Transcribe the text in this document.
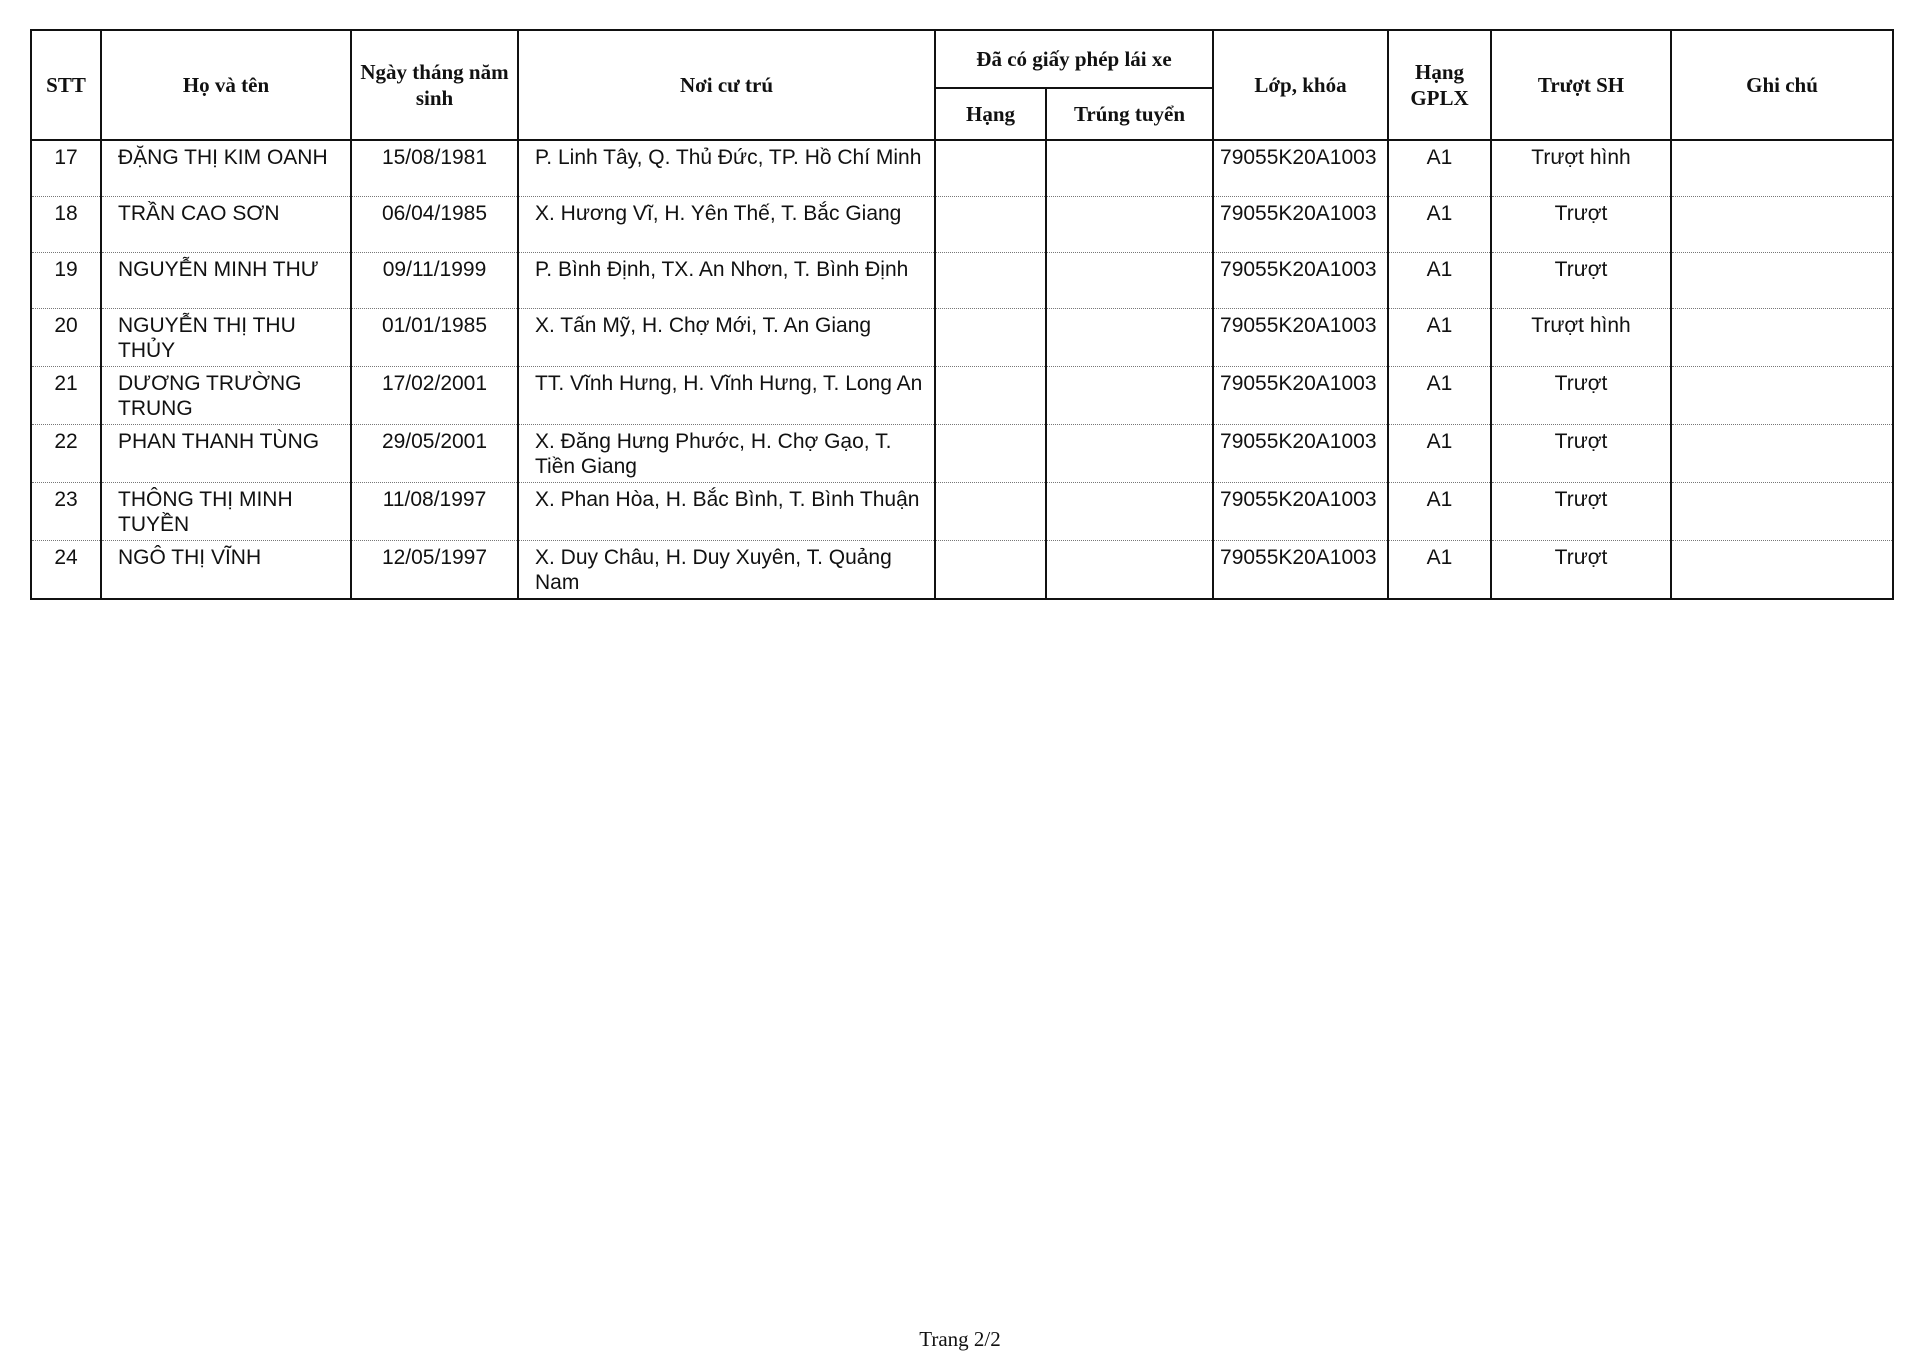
STT	Họ và tên	Ngày tháng năm sinh	Nơi cư trú	Đã có giấy phép lái xe		Lớp, khóa	Hạng GPLX	Trượt SH	Ghi chú
				Hạng	Trúng tuyển				
17	ĐẶNG THỊ KIM OANH	15/08/1981	P. Linh Tây, Q. Thủ Đức, TP. Hồ Chí Minh			79055K20A1003	A1	Trượt hình	
18	TRẦN CAO SƠN	06/04/1985	X. Hương Vĩ, H. Yên Thế, T. Bắc Giang			79055K20A1003	A1	Trượt	
19	NGUYỄN MINH THƯ	09/11/1999	P. Bình Định, TX. An Nhơn, T. Bình Định			79055K20A1003	A1	Trượt	
20	NGUYỄN THỊ THU THỦY	01/01/1985	X. Tấn Mỹ, H. Chợ Mới, T. An Giang			79055K20A1003	A1	Trượt hình	
21	DƯƠNG TRƯỜNG TRUNG	17/02/2001	TT. Vĩnh Hưng, H. Vĩnh Hưng, T. Long An			79055K20A1003	A1	Trượt	
22	PHAN THANH TÙNG	29/05/2001	X. Đăng Hưng Phước, H. Chợ Gạo, T. Tiền Giang			79055K20A1003	A1	Trượt	
23	THÔNG THỊ MINH TUYỀN	11/08/1997	X. Phan Hòa, H. Bắc Bình, T. Bình Thuận			79055K20A1003	A1	Trượt	
24	NGÔ THỊ VĨNH	12/05/1997	X. Duy Châu, H. Duy Xuyên, T. Quảng Nam			79055K20A1003	A1	Trượt	
Trang 2/2
